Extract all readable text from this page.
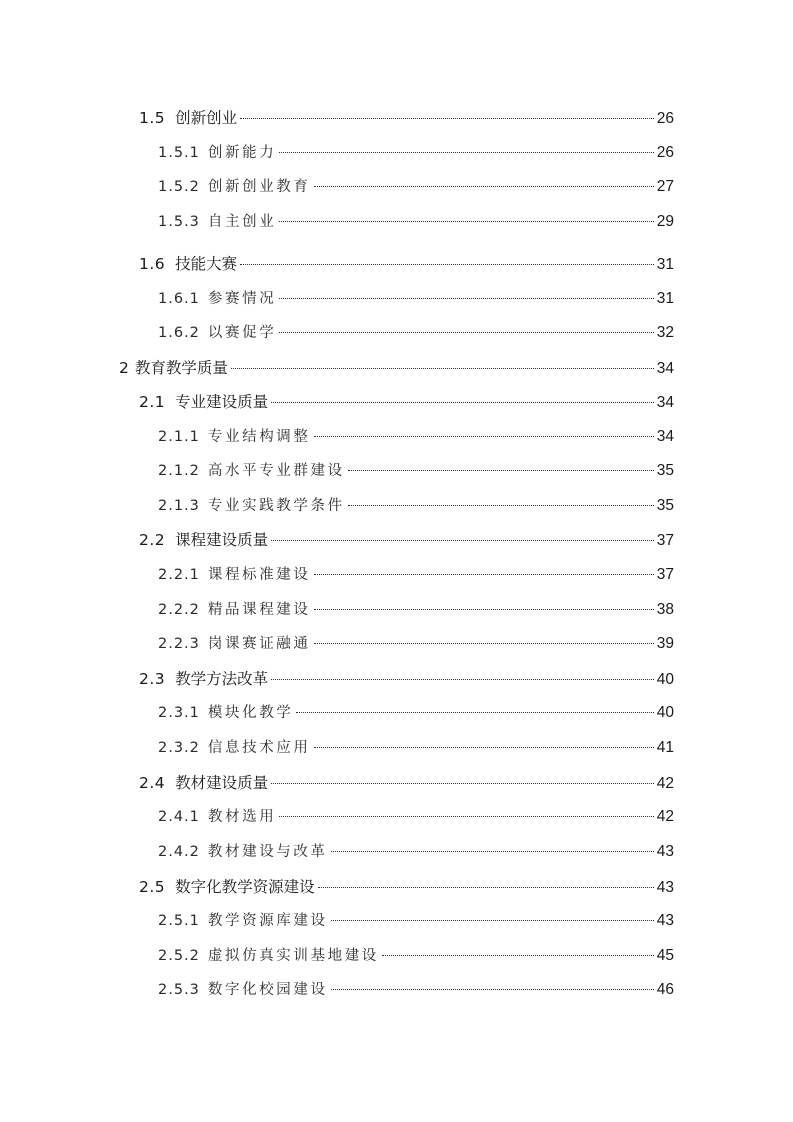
1.5 创新创业	26
1.5.1 创新能力	26
1.5.2 创新创业教育	27
1.5.3 自主创业	29
1.6 技能大赛	31
1.6.1 参赛情况	31
1.6.2 以赛促学	32
2 教育教学质量	34
2.1 专业建设质量	34
2.1.1 专业结构调整	34
2.1.2 高水平专业群建设	35
2.1.3 专业实践教学条件	35
2.2 课程建设质量	37
2.2.1 课程标准建设	37
2.2.2 精品课程建设	38
2.2.3 岗课赛证融通	39
2.3 教学方法改革	40
2.3.1 模块化教学	40
2.3.2 信息技术应用	41
2.4 教材建设质量	42
2.4.1 教材选用	42
2.4.2 教材建设与改革	43
2.5 数字化教学资源建设	43
2.5.1 教学资源库建设	43
2.5.2 虚拟仿真实训基地建设	45
2.5.3 数字化校园建设	46
